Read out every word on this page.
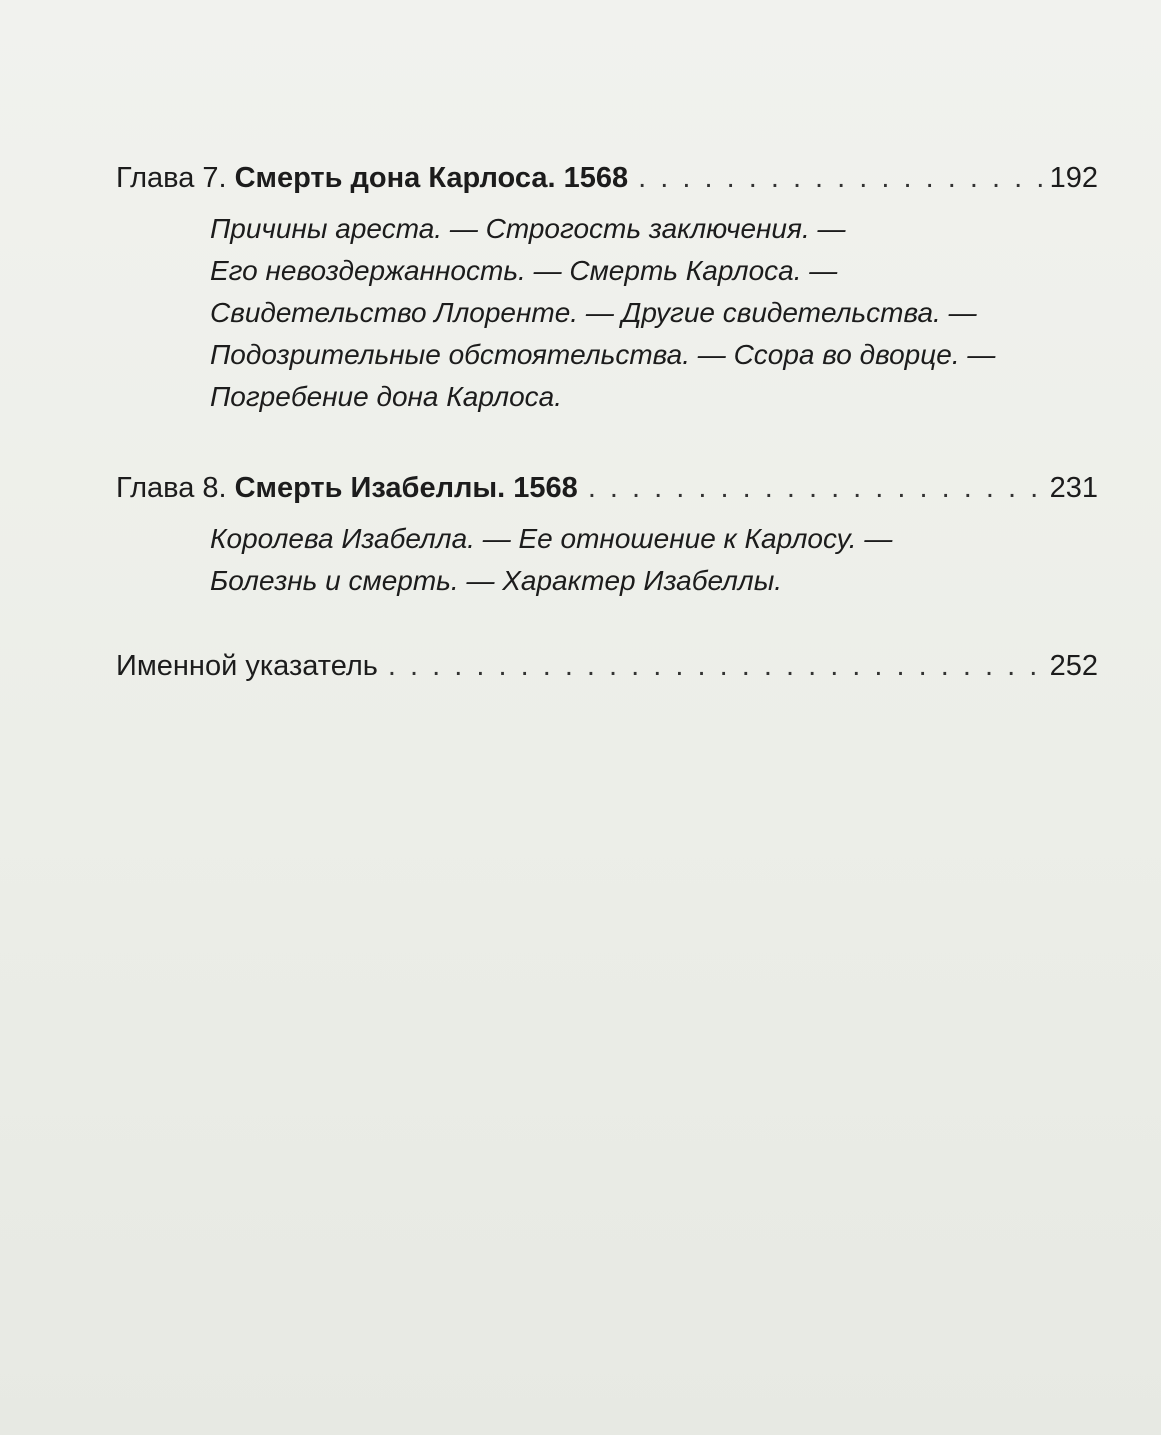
Глава 7. Смерть дона Карлоса. 1568 . . .	192
Причины ареста. — Строгость заключения. —
Его невоздержанность. — Смерть Карлоса. —
Свидетельство Ллоренте. — Другие свидетельства. —
Подозрительные обстоятельства. — Ссора во дворце. —
Погребение дона Карлоса.
Глава 8. Смерть Изабеллы. 1568 . . .	231
Королева Изабелла. — Ее отношение к Карлосу. —
Болезнь и смерть. — Характер Изабеллы.
Именной указатель . . .	252
